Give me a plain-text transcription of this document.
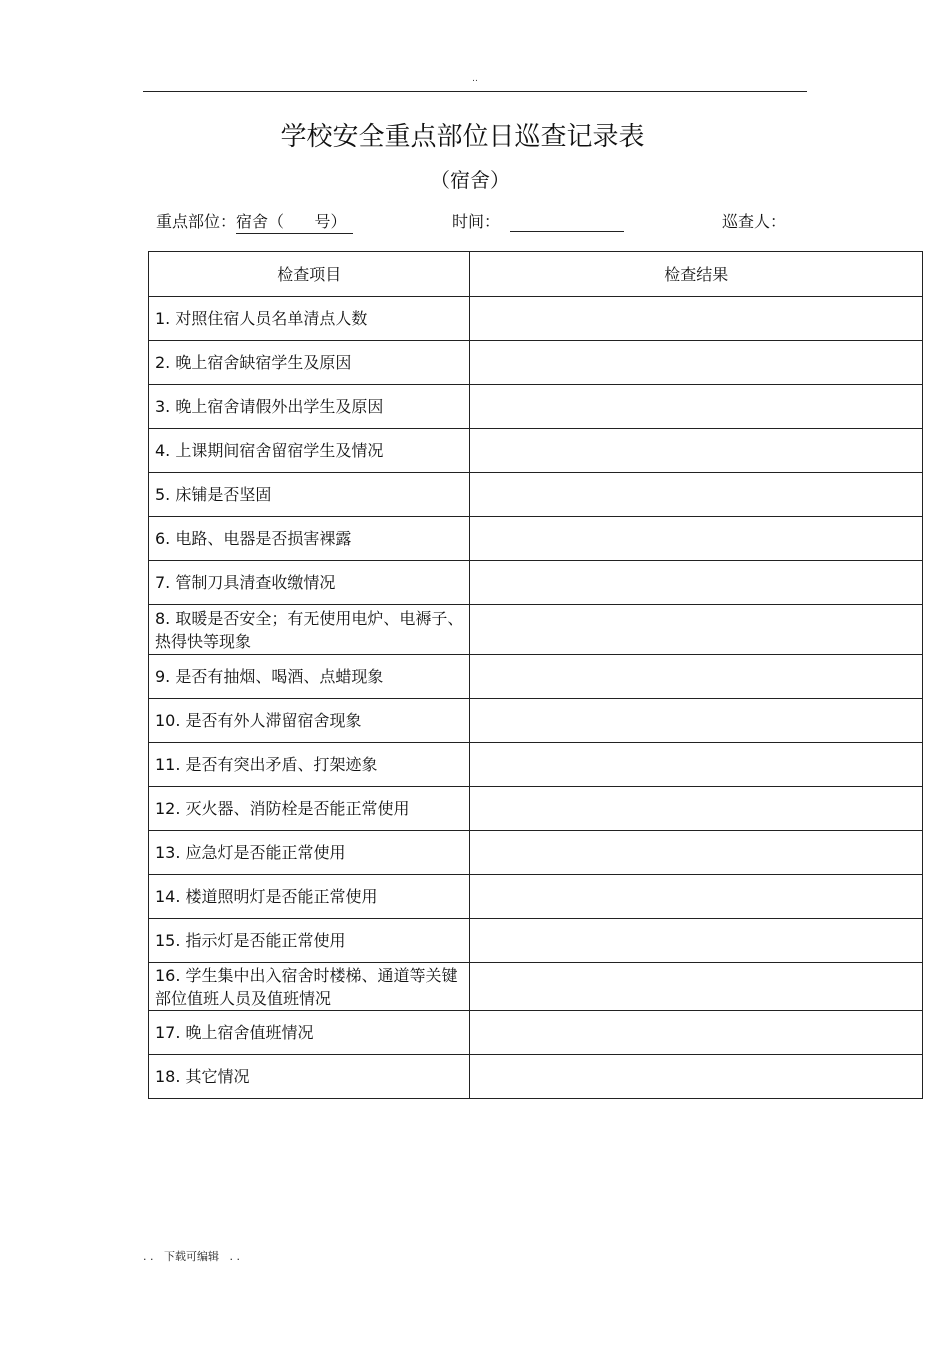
..
学校安全重点部位日巡查记录表
（宿舍）
重点部位：宿舍（      号）	时间：	巡查人：
检查项目	检查结果
1. 对照住宿人员名单清点人数	
2. 晚上宿舍缺宿学生及原因	
3. 晚上宿舍请假外出学生及原因	
4. 上课期间宿舍留宿学生及情况	
5. 床铺是否坚固	
6. 电路、电器是否损害裸露	
7. 管制刀具清查收缴情况	
8. 取暖是否安全；有无使用电炉、电褥子、热得快等现象	
9. 是否有抽烟、喝酒、点蜡现象	
10. 是否有外人滞留宿舍现象	
11. 是否有突出矛盾、打架迹象	
12. 灭火器、消防栓是否能正常使用	
13. 应急灯是否能正常使用	
14. 楼道照明灯是否能正常使用	
15. 指示灯是否能正常使用	
16. 学生集中出入宿舍时楼梯、通道等关键部位值班人员及值班情况	
17. 晚上宿舍值班情况	
18. 其它情况	
. .   下载可编辑   . .
